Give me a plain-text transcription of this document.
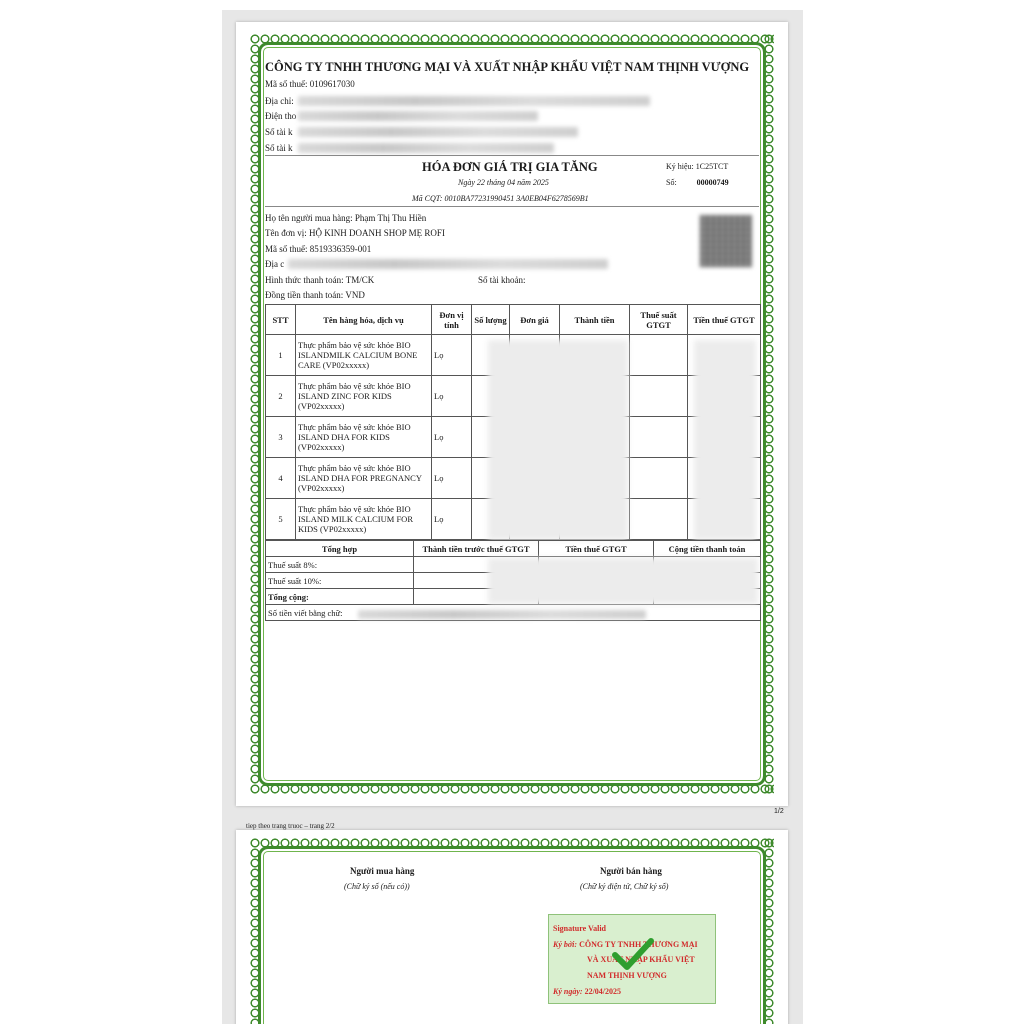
CÔNG TY TNHH THƯƠNG MẠI VÀ XUẤT NHẬP KHẨU VIỆT NAM THỊNH VƯỢNG
Mã số thuế: 0109617030
Địa chỉ:
Điện tho
Số tài k
Số tài k
HÓA ĐƠN GIÁ TRỊ GIA TĂNG
Ngày 22 tháng 04 năm 2025
Mã CQT: 0010BA77231990451 3A0EB04F6278569B1
Ký hiệu: 1C25TCT
Số:	00000749
Họ tên người mua hàng: Phạm Thị Thu Hiền
Tên đơn vị: HỘ KINH DOANH SHOP MẸ ROFI
Mã số thuế: 8519336359-001
Địa c
Hình thức thanh toán: TM/CK	Số tài khoản:
Đồng tiền thanh toán: VND
STT	Tên hàng hóa, dịch vụ	Đơn vị tính	Số lượng	Đơn giá	Thành tiền	Thuế suất GTGT	Tiền thuế GTGT
1	Thực phẩm bảo vệ sức khỏe BIO ISLANDMILK CALCIUM BONE CARE (VP02xxxxx)	Lọ					
2	Thực phẩm bảo vệ sức khỏe BIO ISLAND ZINC FOR KIDS (VP02xxxxx)	Lọ					
3	Thực phẩm bảo vệ sức khỏe BIO ISLAND DHA FOR KIDS (VP02xxxxx)	Lọ					
4	Thực phẩm bảo vệ sức khỏe BIO ISLAND DHA FOR PREGNANCY (VP02xxxxx)	Lọ					
5	Thực phẩm bảo vệ sức khỏe BIO ISLAND MILK CALCIUM FOR KIDS (VP02xxxxx)	Lọ					
Tổng hợp	Thành tiền trước thuế GTGT	Tiền thuế GTGT	Cộng tiền thanh toán
Thuế suất 8%:			
Thuế suất 10%:			
Tổng cộng:			
Số tiền viết bằng chữ:			
1/2
tiep theo trang truoc – trang 2/2
Người mua hàng
(Chữ ký số (nếu có))
Người bán hàng
(Chữ ký điện tử, Chữ ký số)
Signature Valid
Ký bởi: CÔNG TY TNHH THƯƠNG MẠI
VÀ XUẤT NHẬP KHẨU VIỆT
NAM THỊNH VƯỢNG
Ký ngày: 22/04/2025
